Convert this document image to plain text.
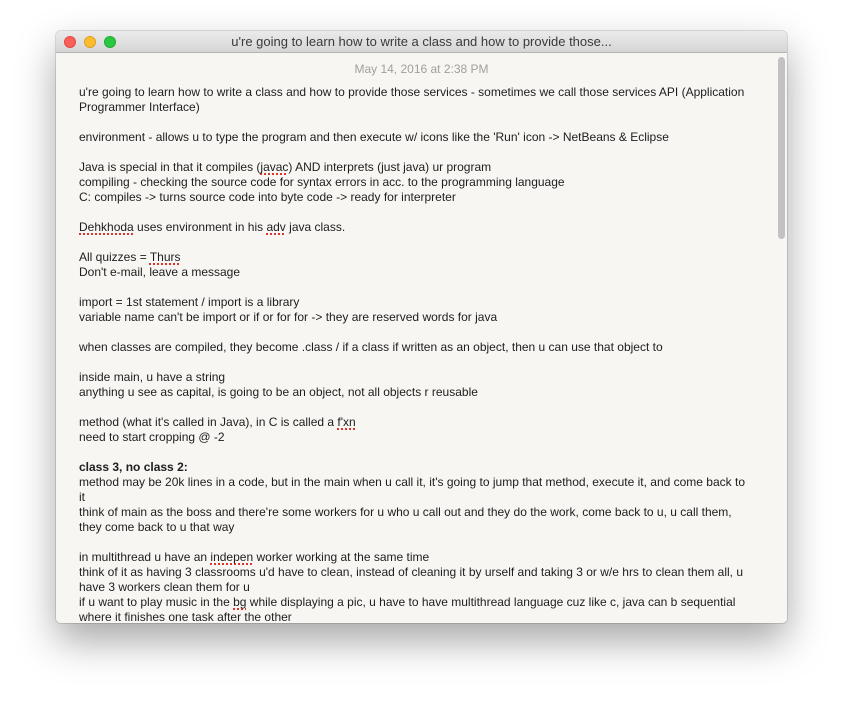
u're going to learn how to write a class and how to provide those...
May 14, 2016 at 2:38 PM

u're going to learn how to write a class and how to provide those services - sometimes we call those services API (Application Programmer Interface)

environment - allows u to type the program and then execute w/ icons like the 'Run' icon -> NetBeans & Eclipse

Java is special in that it compiles (javac) AND interprets (just java) ur program
compiling - checking the source code for syntax errors in acc. to the programming language
C: compiles -> turns source code into byte code -> ready for interpreter

Dehkhoda uses environment in his adv java class.

All quizzes = Thurs
Don't e-mail, leave a message

import = 1st statement / import is a library
variable name can't be import or if or for for -> they are reserved words for java

when classes are compiled, they become .class / if a class if written as an object, then u can use that object to

inside main, u have a string
anything u see as capital, is going to be an object, not all objects r reusable

method (what it's called in Java), in C is called a f'xn
need to start cropping @ -2

class 3, no class 2:
method may be 20k lines in a code, but in the main when u call it, it's going to jump that method, execute it, and come back to it
think of main as the boss and there're some workers for u who u call out and they do the work, come back to u, u call them, they come back to u that way

in multithread u have an indepen worker working at the same time
think of it as having 3 classrooms u'd have to clean, instead of cleaning it by urself and taking 3 or w/e hrs to clean them all, u have 3 workers clean them for u
if u want to play music in the bg while displaying a pic, u have to have multithread language cuz like c, java can b sequential where it finishes one task after the other
